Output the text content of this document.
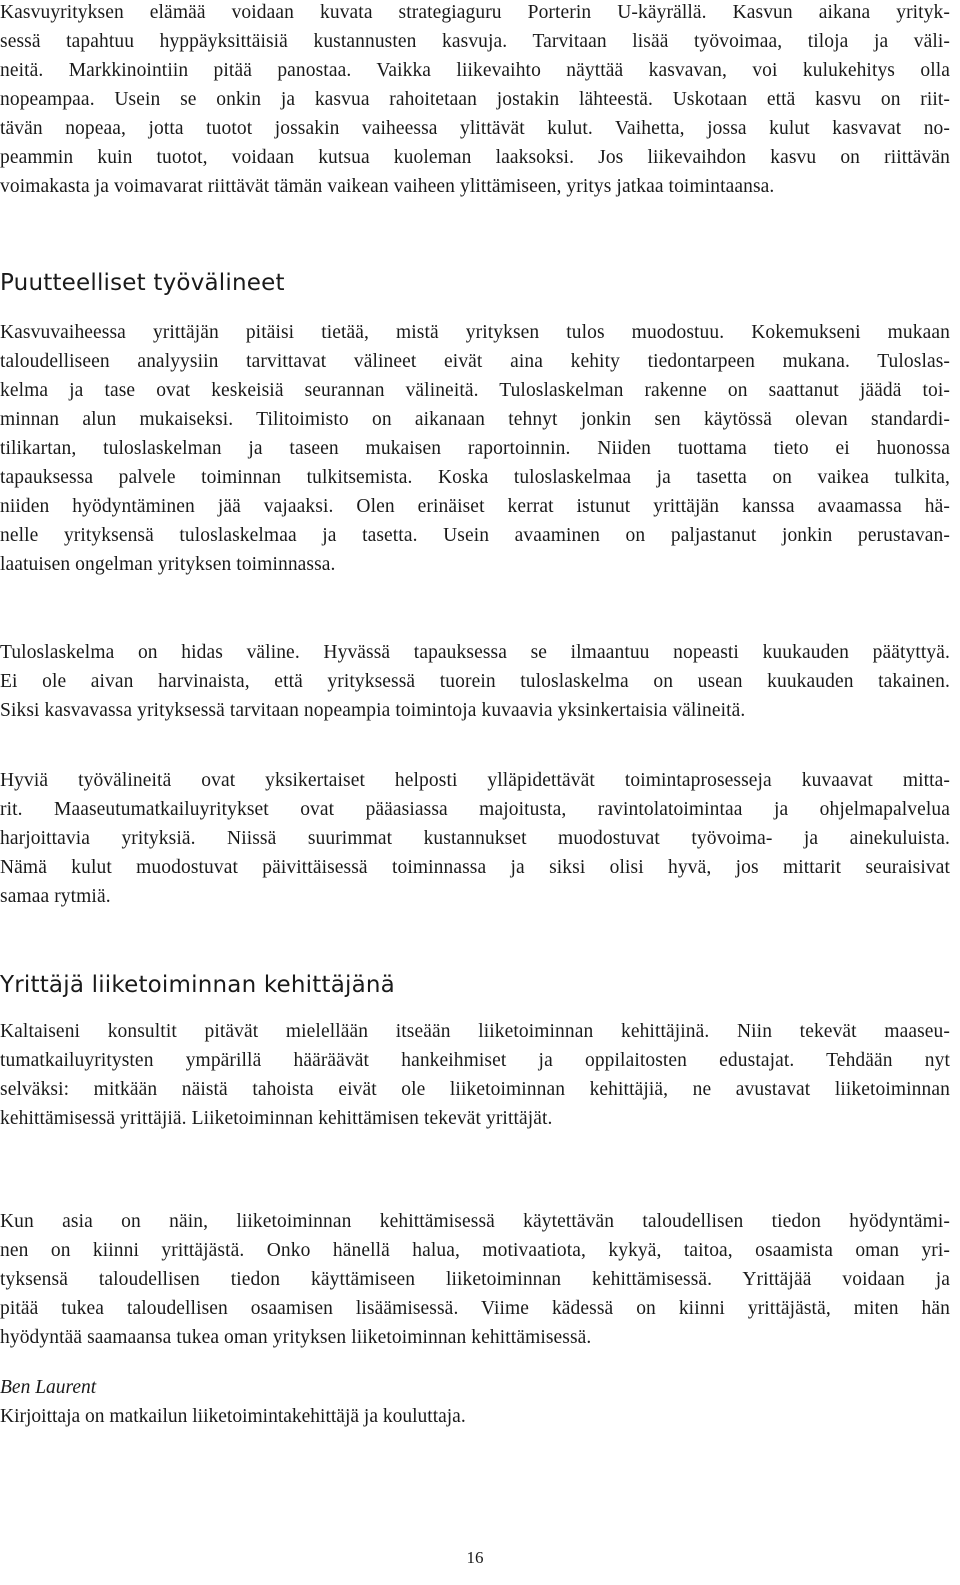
Kasvuyrityksen elämää voidaan kuvata strategiaguru Porterin U-käyrällä. Kasvun aikana yrityk-
sessä tapahtuu hyppäyksittäisiä kustannusten kasvuja. Tarvitaan lisää työvoimaa, tiloja ja väli-
neitä. Markkinointiin pitää panostaa. Vaikka liikevaihto näyttää kasvavan, voi kulukehitys olla
nopeampaa. Usein se onkin ja kasvua rahoitetaan jostakin lähteestä. Uskotaan että kasvu on riit-
tävän nopeaa, jotta tuotot jossakin vaiheessa ylittävät kulut. Vaihetta, jossa kulut kasvavat no-
peammin kuin tuotot, voidaan kutsua kuoleman laaksoksi. Jos liikevaihdon kasvu on riittävän
voimakasta ja voimavarat riittävät tämän vaikean vaiheen ylittämiseen, yritys jatkaa toimintaansa.
Puutteelliset työvälineet
Kasvuvaiheessa yrittäjän pitäisi tietää, mistä yrityksen tulos muodostuu. Kokemukseni mukaan
taloudelliseen analyysiin tarvittavat välineet eivät aina kehity tiedontarpeen mukana. Tuloslas-
kelma ja tase ovat keskeisiä seurannan välineitä. Tuloslaskelman rakenne on saattanut jäädä toi-
minnan alun mukaiseksi. Tilitoimisto on aikanaan tehnyt jonkin sen käytössä olevan standardi-
tilikartan, tuloslaskelman ja taseen mukaisen raportoinnin. Niiden tuottama tieto ei huonossa
tapauksessa palvele toiminnan tulkitsemista. Koska tuloslaskelmaa ja tasetta on vaikea tulkita,
niiden hyödyntäminen jää vajaaksi. Olen erinäiset kerrat istunut yrittäjän kanssa avaamassa hä-
nelle yrityksensä tuloslaskelmaa ja tasetta. Usein avaaminen on paljastanut jonkin perustavan-
laatuisen ongelman yrityksen toiminnassa.
Tuloslaskelma on hidas väline. Hyvässä tapauksessa se ilmaantuu nopeasti kuukauden päätyttyä.
Ei ole aivan harvinaista, että yrityksessä tuorein tuloslaskelma on usean kuukauden takainen.
Siksi kasvavassa yrityksessä tarvitaan nopeampia toimintoja kuvaavia yksinkertaisia välineitä.
Hyviä työvälineitä ovat yksikertaiset helposti ylläpidettävät toimintaprosesseja kuvaavat mitta-
rit. Maaseutumatkailuyritykset ovat pääasiassa majoitusta, ravintolatoimintaa ja ohjelmapalvelua
harjoittavia yrityksiä. Niissä suurimmat kustannukset muodostuvat työvoima- ja ainekuluista.
Nämä kulut muodostuvat päivittäisessä toiminnassa ja siksi olisi hyvä, jos mittarit seuraisivat
samaa rytmiä.
Yrittäjä liiketoiminnan kehittäjänä
Kaltaiseni konsultit pitävät mielellään itseään liiketoiminnan kehittäjinä. Niin tekevät maaseu-
tumatkailuyritysten ympärillä hääräävät hankeihmiset ja oppilaitosten edustajat. Tehdään nyt
selväksi: mitkään näistä tahoista eivät ole liiketoiminnan kehittäjiä, ne avustavat liiketoiminnan
kehittämisessä yrittäjiä. Liiketoiminnan kehittämisen tekevät yrittäjät.
Kun asia on näin, liiketoiminnan kehittämisessä käytettävän taloudellisen tiedon hyödyntämi-
nen on kiinni yrittäjästä. Onko hänellä halua, motivaatiota, kykyä, taitoa, osaamista oman yri-
tyksensä taloudellisen tiedon käyttämiseen liiketoiminnan kehittämisessä. Yrittäjää voidaan ja
pitää tukea taloudellisen osaamisen lisäämisessä. Viime kädessä on kiinni yrittäjästä, miten hän
hyödyntää saamaansa tukea oman yrityksen liiketoiminnan kehittämisessä.
Ben Laurent
Kirjoittaja on matkailun liiketoimintakehittäjä ja kouluttaja.
16
